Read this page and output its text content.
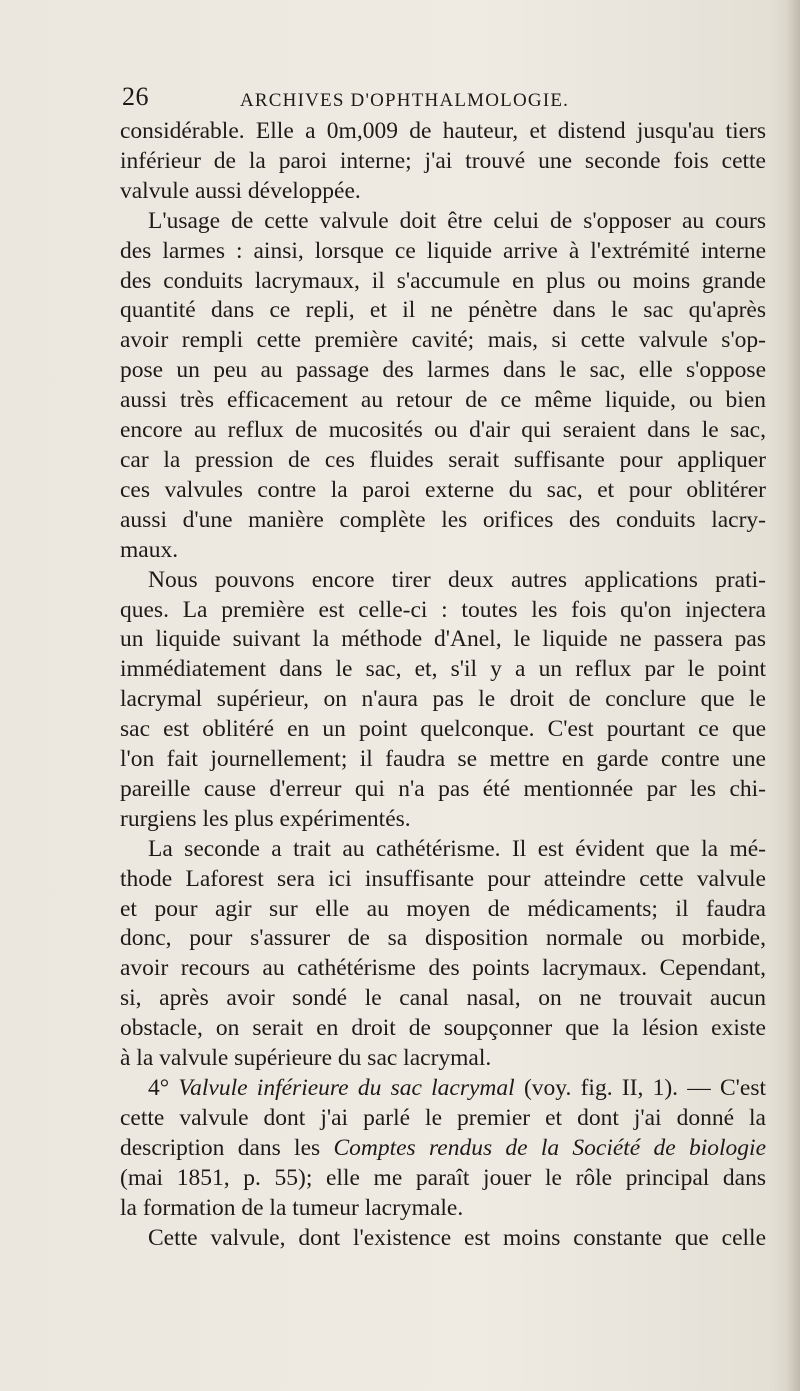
26	ARCHIVES D'OPHTHALMOLOGIE.
considérable. Elle a 0m,009 de hauteur, et distend jusqu'au tiers
inférieur de la paroi interne; j'ai trouvé une seconde fois cette
valvule aussi développée.
L'usage de cette valvule doit être celui de s'opposer au cours
des larmes : ainsi, lorsque ce liquide arrive à l'extrémité interne
des conduits lacrymaux, il s'accumule en plus ou moins grande
quantité dans ce repli, et il ne pénètre dans le sac qu'après
avoir rempli cette première cavité; mais, si cette valvule s'op-
pose un peu au passage des larmes dans le sac, elle s'oppose
aussi très efficacement au retour de ce même liquide, ou bien
encore au reflux de mucosités ou d'air qui seraient dans le sac,
car la pression de ces fluides serait suffisante pour appliquer
ces valvules contre la paroi externe du sac, et pour oblitérer
aussi d'une manière complète les orifices des conduits lacry-
maux.
Nous pouvons encore tirer deux autres applications prati-
ques. La première est celle-ci : toutes les fois qu'on injectera
un liquide suivant la méthode d'Anel, le liquide ne passera pas
immédiatement dans le sac, et, s'il y a un reflux par le point
lacrymal supérieur, on n'aura pas le droit de conclure que le
sac est oblitéré en un point quelconque. C'est pourtant ce que
l'on fait journellement; il faudra se mettre en garde contre une
pareille cause d'erreur qui n'a pas été mentionnée par les chi-
rurgiens les plus expérimentés.
La seconde a trait au cathétérisme. Il est évident que la mé-
thode Laforest sera ici insuffisante pour atteindre cette valvule
et pour agir sur elle au moyen de médicaments; il faudra
donc, pour s'assurer de sa disposition normale ou morbide,
avoir recours au cathétérisme des points lacrymaux. Cependant,
si, après avoir sondé le canal nasal, on ne trouvait aucun
obstacle, on serait en droit de soupçonner que la lésion existe
à la valvule supérieure du sac lacrymal.
4° Valvule inférieure du sac lacrymal (voy. fig. II, 1). — C'est
cette valvule dont j'ai parlé le premier et dont j'ai donné la
description dans les Comptes rendus de la Société de biologie
(mai 1851, p. 55); elle me paraît jouer le rôle principal dans
la formation de la tumeur lacrymale.
Cette valvule, dont l'existence est moins constante que celle
